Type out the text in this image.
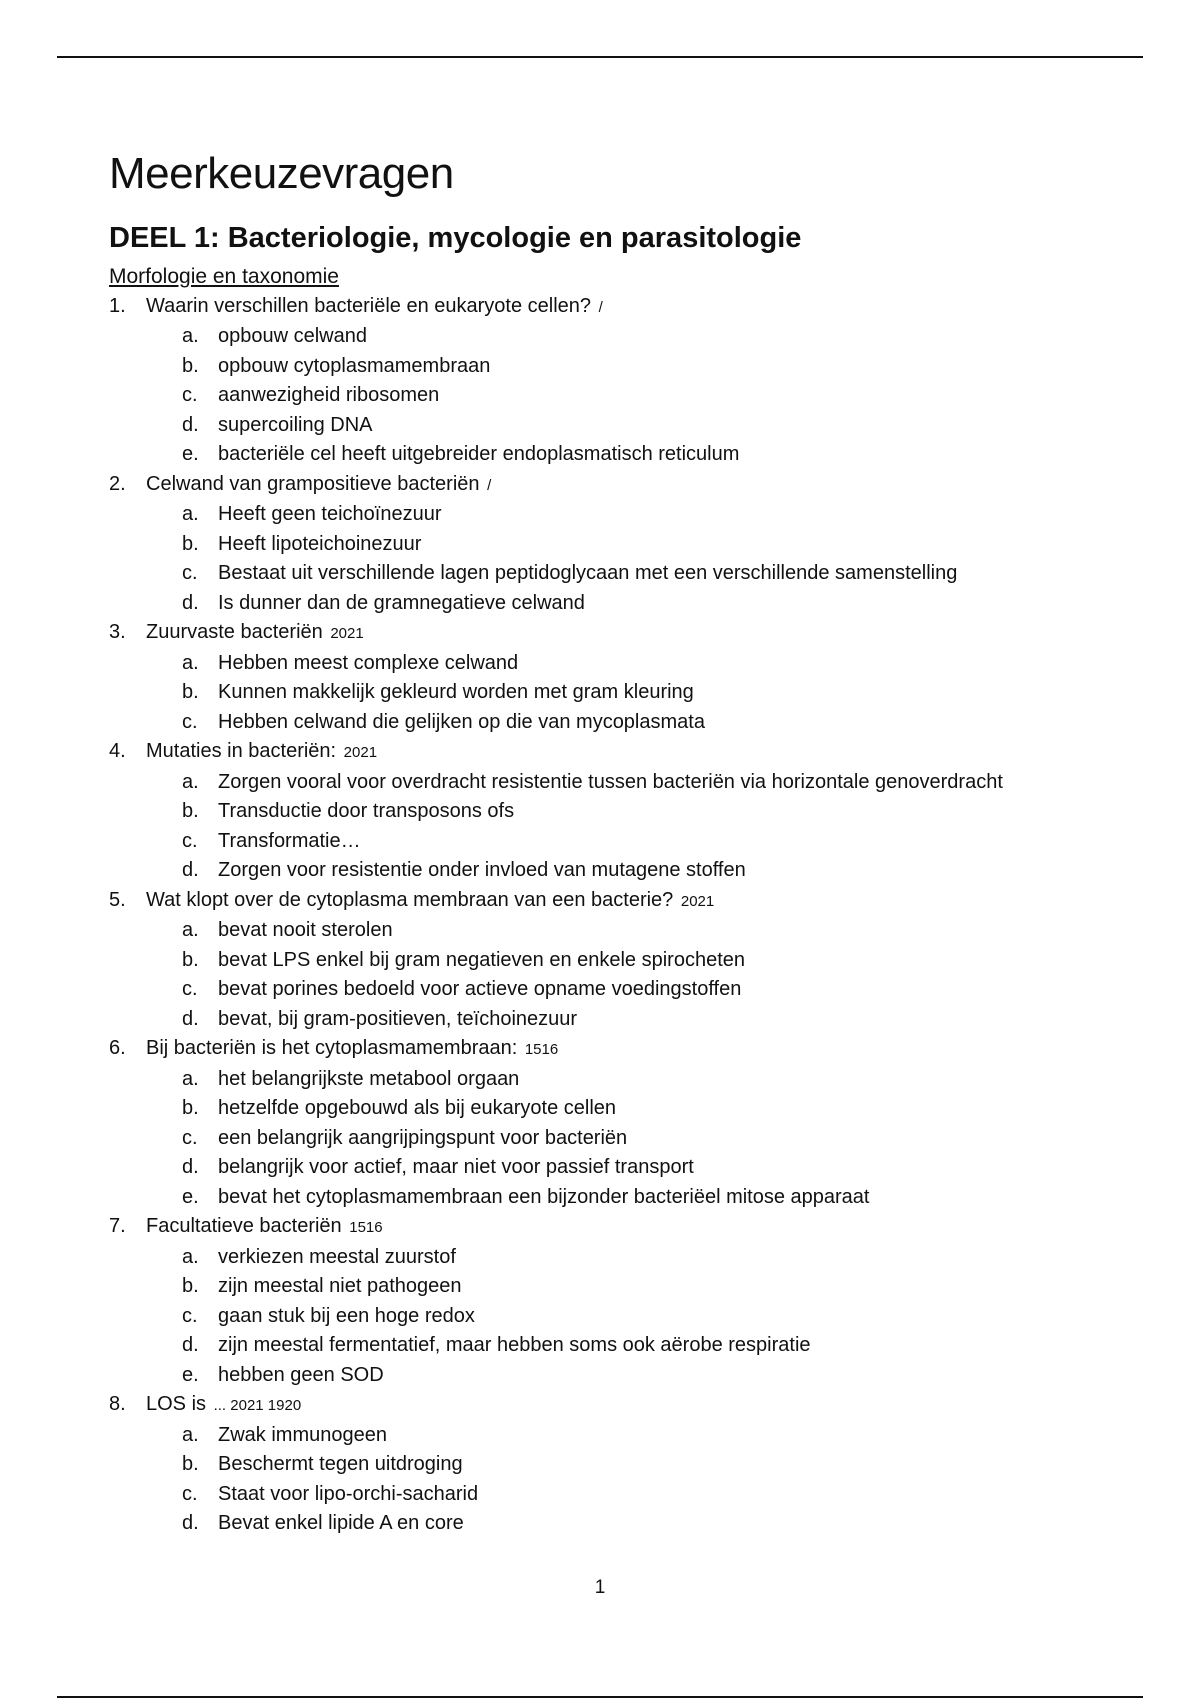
Meerkeuzevragen
DEEL 1: Bacteriologie, mycologie en parasitologie
Morfologie en taxonomie
1. Waarin verschillen bacteriële en eukaryote cellen? /
a. opbouw celwand
b. opbouw cytoplasmamembraan
c. aanwezigheid ribosomen
d. supercoiling DNA
e. bacteriële cel heeft uitgebreider endoplasmatisch reticulum
2. Celwand van grampositieve bacteriën /
a. Heeft geen teichoïnezuur
b. Heeft lipoteichoinezuur
c. Bestaat uit verschillende lagen peptidoglycaan met een verschillende samenstelling
d. Is dunner dan de gramnegatieve celwand
3. Zuurvaste bacteriën 2021
a. Hebben meest complexe celwand
b. Kunnen makkelijk gekleurd worden met gram kleuring
c. Hebben celwand die gelijken op die van mycoplasmata
4. Mutaties in bacteriën: 2021
a. Zorgen vooral voor overdracht resistentie tussen bacteriën via horizontale genoverdracht
b. Transductie door transposons ofs
c. Transformatie…
d. Zorgen voor resistentie onder invloed van mutagene stoffen
5. Wat klopt over de cytoplasma membraan van een bacterie? 2021
a. bevat nooit sterolen
b. bevat LPS enkel bij gram negatieven en enkele spirocheten
c. bevat porines bedoeld voor actieve opname voedingstoffen
d. bevat, bij gram-positieven, teïchoinezuur
6. Bij bacteriën is het cytoplasmamembraan: 1516
a. het belangrijkste metabool orgaan
b. hetzelfde opgebouwd als bij eukaryote cellen
c. een belangrijk aangrijpingspunt voor bacteriën
d. belangrijk voor actief, maar niet voor passief transport
e. bevat het cytoplasmamembraan een bijzonder bacteriëel mitose apparaat
7. Facultatieve bacteriën 1516
a. verkiezen meestal zuurstof
b. zijn meestal niet pathogeen
c. gaan stuk bij een hoge redox
d. zijn meestal fermentatief, maar hebben soms ook aërobe respiratie
e. hebben geen SOD
8. LOS is ... 2021 1920
a. Zwak immunogeen
b. Beschermt tegen uitdroging
c. Staat voor lipo-orchi-sacharid
d. Bevat enkel lipide A en core
1
